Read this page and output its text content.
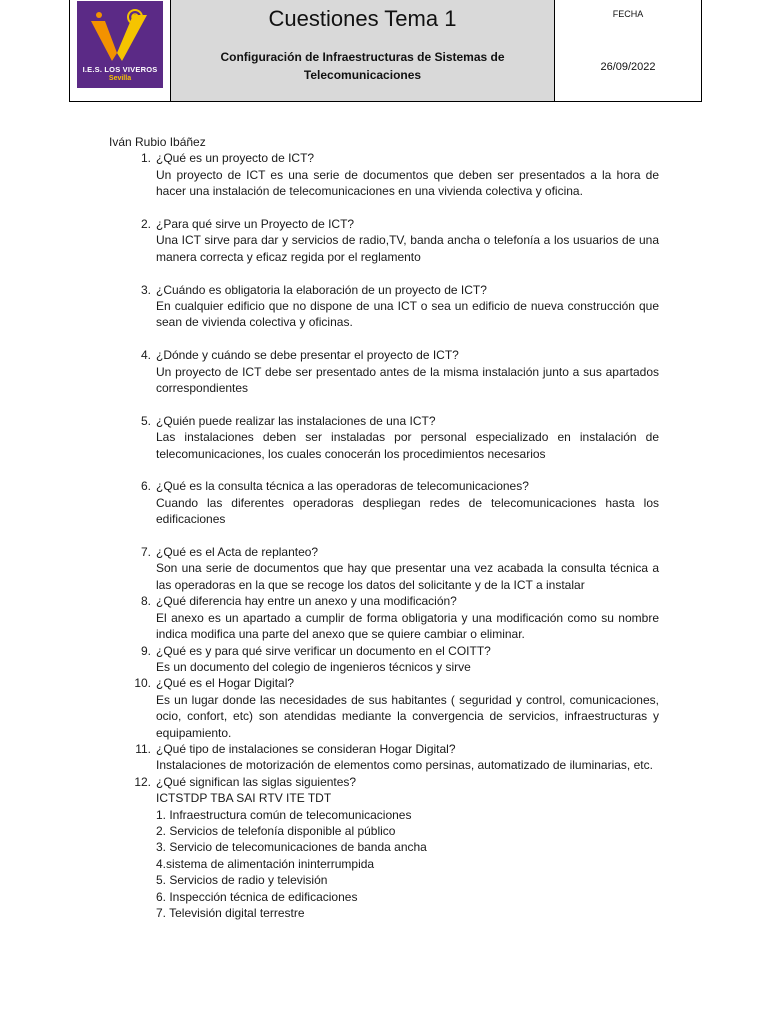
I.E.S. LOS VIVEROS
Sevilla
Cuestiones Tema 1
Configuración de Infraestructuras de Sistemas de
Telecomunicaciones
FECHA
26/09/2022

Iván Rubio Ibáñez

1. ¿Qué es un proyecto de ICT?
Un proyecto de ICT es una serie de documentos que deben ser presentados a la hora de hacer una instalación de telecomunicaciones en una vivienda colectiva y oficina.
2. ¿Para qué sirve un Proyecto de ICT?
Una ICT sirve para dar y servicios de radio,TV, banda ancha o telefonía a los usuarios de una manera correcta y eficaz regida por el reglamento
3. ¿Cuándo es obligatoria la elaboración de un proyecto de ICT?
En cualquier edificio que no dispone de una ICT o sea un edificio de nueva construcción que sean de vivienda colectiva y oficinas.
4. ¿Dónde y cuándo se debe presentar el proyecto de ICT?
Un proyecto de ICT debe ser presentado antes de la misma instalación junto a sus apartados correspondientes
5. ¿Quién puede realizar las instalaciones de una ICT?
Las instalaciones deben ser instaladas por personal especializado en instalación de telecomunicaciones, los cuales conocerán los procedimientos necesarios
6. ¿Qué es la consulta técnica a las operadoras de telecomunicaciones?
Cuando las diferentes operadoras despliegan redes de telecomunicaciones hasta los edificaciones
7. ¿Qué es el Acta de replanteo?
Son una serie de documentos que hay que presentar una vez acabada la consulta técnica a las operadoras en la que se recoge los datos del solicitante y de la ICT a instalar
8. ¿Qué diferencia hay entre un anexo y una modificación?
El anexo es un apartado a cumplir de forma obligatoria y una modificación como su nombre indica modifica una parte del anexo que se quiere cambiar o eliminar.
9. ¿Qué es y para qué sirve verificar un documento en el COITT?
Es un documento del colegio de ingenieros técnicos y sirve
10. ¿Qué es el Hogar Digital?
Es un lugar donde las necesidades de sus habitantes ( seguridad y control, comunicaciones, ocio, confort, etc) son atendidas mediante la convergencia de servicios, infraestructuras y equipamiento.
11. ¿Qué tipo de instalaciones se consideran Hogar Digital?
Instalaciones de motorización de elementos como persinas, automatizado de iluminarias, etc.
12. ¿Qué significan las siglas siguientes?
ICTSTDP TBA SAI RTV ITE TDT
1. Infraestructura común de telecomunicaciones
2. Servicios de telefonía disponible al público
3. Servicio de telecomunicaciones de banda ancha
4.sistema de alimentación ininterrumpida
5. Servicios de radio y televisión
6. Inspección técnica de edificaciones
7. Televisión digital terrestre
